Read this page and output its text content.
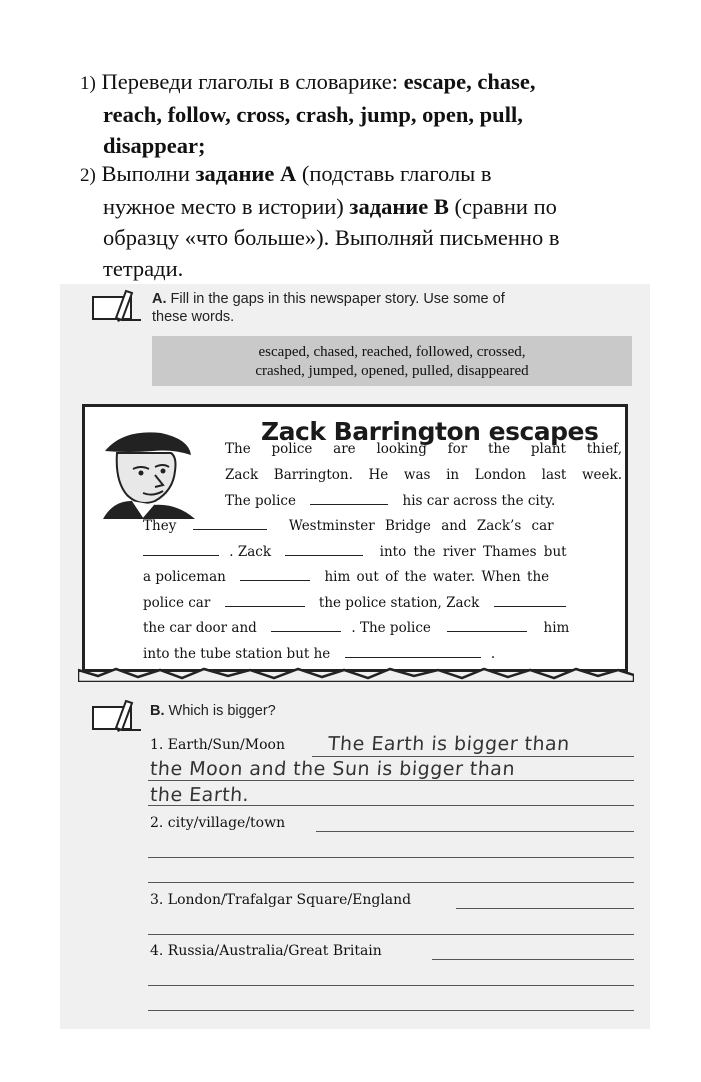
1) Переведи глаголы в словарике: escape, chase,
reach, follow, cross, crash, jump, open, pull,
disappear;
2) Выполни задание А (подставь глаголы в
нужное место в истории) задание В (сравни по
образцу «что больше»). Выполняй письменно в
тетради.
A. Fill in the gaps in this newspaper story. Use some of
these words.
escaped, chased, reached, followed, crossed,
crashed, jumped, opened, pulled, disappeared
Zack Barrington escapes
The police are looking for the plant thief,
Zack Barrington. He was in London last week.
The police	his car across the city.
They	Westminster Bridge and Zack’s car
. Zack	into the river Thames but
a policeman	him out of the water. When the
police car	the police station, Zack
the car door and	. The police	him
into the tube station but he	.
B. Which is bigger?
1. Earth/Sun/Moon The Earth is bigger than
the Moon and the Sun is bigger than
the Earth.
2. city/village/town
3. London/Trafalgar Square/England
4. Russia/Australia/Great Britain
